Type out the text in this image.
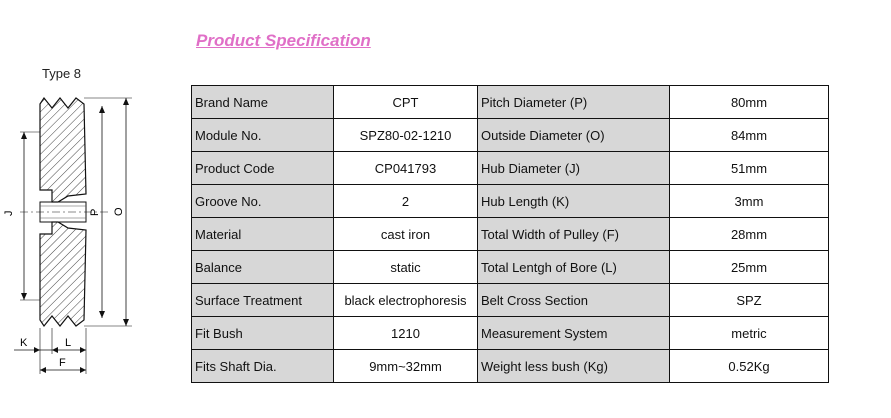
Product Specification
Type 8
J	P O
K	L
F
Brand Name	CPT	Pitch Diameter (P)	80mm
Module No.	SPZ80-02-1210	Outside Diameter (O)	84mm
Product Code	CP041793	Hub Diameter (J)	51mm
Groove No.	2	Hub Length (K)	3mm
Material	cast iron	Total Width of Pulley (F)	28mm
Balance	static	Total Lentgh of Bore (L)	25mm
Surface Treatment	black electrophoresis	Belt Cross Section	SPZ
Fit Bush	1210	Measurement System	metric
Fits Shaft Dia.	9mm~32mm	Weight less bush (Kg)	0.52Kg
